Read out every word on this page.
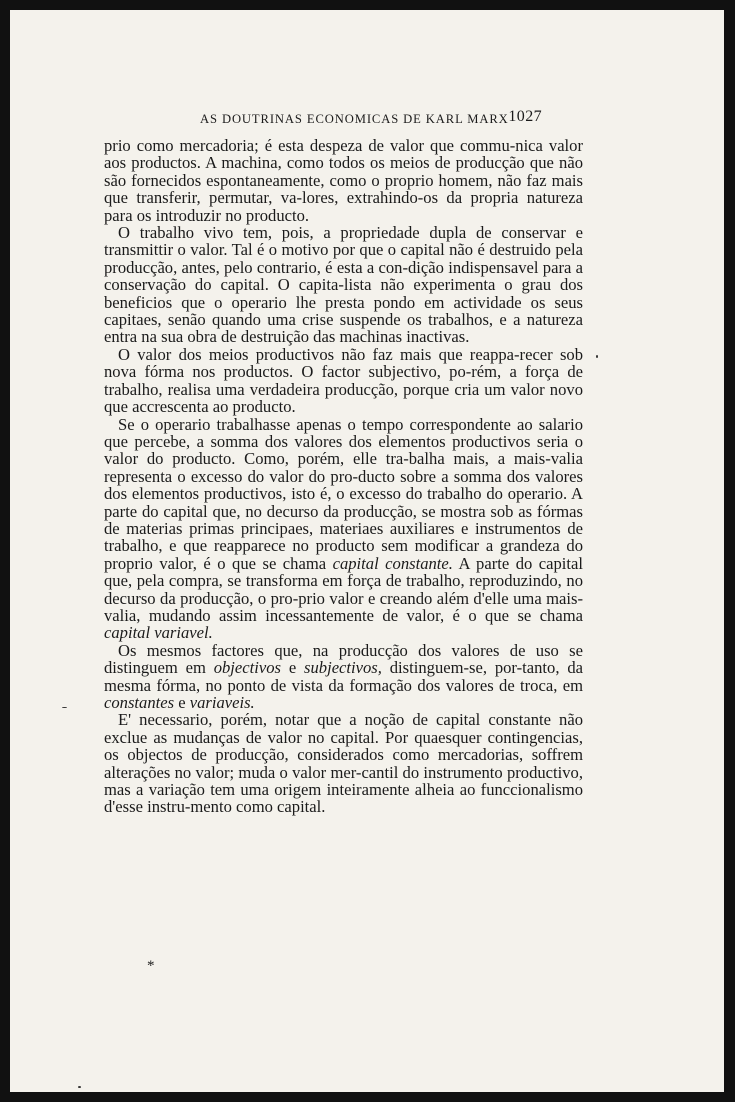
AS DOUTRINAS ECONOMICAS DE KARL MARX 1027

prio como mercadoria; é esta despeza de valor que commu-nica valor aos productos. A machina, como todos os meios de producção que não são fornecidos espontaneamente, como o proprio homem, não faz mais que transferir, permutar, va-lores, extrahindo-os da propria natureza para os introduzir no producto.

O trabalho vivo tem, pois, a propriedade dupla de conservar e transmittir o valor. Tal é o motivo por que o capital não é destruido pela producção, antes, pelo contrario, é esta a con-dição indispensavel para a conservação do capital. O capita-lista não experimenta o grau dos beneficios que o operario lhe presta pondo em actividade os seus capitaes, senão quando uma crise suspende os trabalhos, e a natureza entra na sua obra de destruição das machinas inactivas.

O valor dos meios productivos não faz mais que reappa-recer sob nova fórma nos productos. O factor subjectivo, po-rém, a força de trabalho, realisa uma verdadeira producção, porque cria um valor novo que accrescenta ao producto.

Se o operario trabalhasse apenas o tempo correspondente ao salario que percebe, a somma dos valores dos elementos productivos seria o valor do producto. Como, porém, elle tra-balha mais, a mais-valia representa o excesso do valor do pro-ducto sobre a somma dos valores dos elementos productivos, isto é, o excesso do trabalho do operario. A parte do capital que, no decurso da producção, se mostra sob as fórmas de materias primas principaes, materiaes auxiliares e instrumentos de trabalho, e que reapparece no producto sem modificar a grandeza do proprio valor, é o que se chama capital constante. A parte do capital que, pela compra, se transforma em força de trabalho, reproduzindo, no decurso da producção, o pro-prio valor e creando além d'elle uma mais-valia, mudando assim incessantemente de valor, é o que se chama capital variavel.

Os mesmos factores que, na producção dos valores de uso se distinguem em objectivos e subjectivos, distinguem-se, por-tanto, da mesma fórma, no ponto de vista da formação dos valores de troca, em constantes e variaveis.

E' necessario, porém, notar que a noção de capital constante não exclue as mudanças de valor no capital. Por quaesquer contingencias, os objectos de producção, considerados como mercadorias, soffrem alterações no valor; muda o valor mer-cantil do instrumento productivo, mas a variação tem uma origem inteiramente alheia ao funccionalismo d'esse instru-mento como capital.

*
